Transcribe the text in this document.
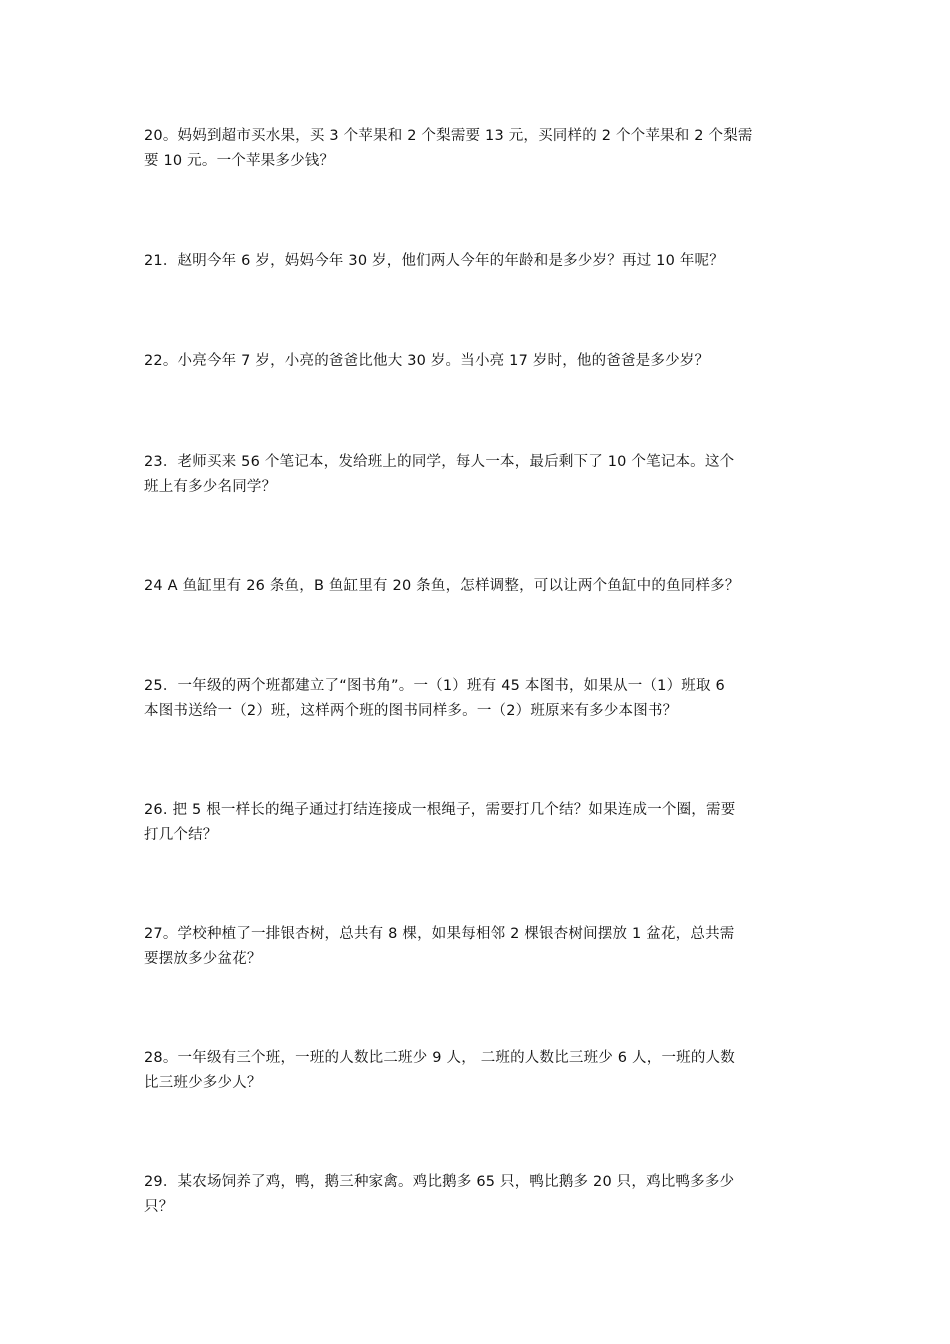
20。妈妈到超市买水果，买 3 个苹果和 2 个梨需要 13 元，买同样的 2 个个苹果和 2 个梨需
要 10 元。一个苹果多少钱？
21．赵明今年 6 岁，妈妈今年 30 岁，他们两人今年的年龄和是多少岁？再过 10 年呢？
22。小亮今年 7 岁，小亮的爸爸比他大 30 岁。当小亮 17 岁时，他的爸爸是多少岁？
23．老师买来 56 个笔记本，发给班上的同学，每人一本，最后剩下了 10 个笔记本。这个
班上有多少名同学？
24 A 鱼缸里有 26 条鱼，B 鱼缸里有 20 条鱼，怎样调整，可以让两个鱼缸中的鱼同样多？
25．一年级的两个班都建立了“图书角”。一（1）班有 45 本图书，如果从一（1）班取 6
本图书送给一（2）班，这样两个班的图书同样多。一（2）班原来有多少本图书？
26. 把 5 根一样长的绳子通过打结连接成一根绳子，需要打几个结？如果连成一个圈，需要
打几个结？
27。学校种植了一排银杏树，总共有 8 棵，如果每相邻 2 棵银杏树间摆放 1 盆花，总共需
要摆放多少盆花？
28。一年级有三个班，一班的人数比二班少 9 人， 二班的人数比三班少 6 人，一班的人数
比三班少多少人？
29．某农场饲养了鸡，鸭，鹅三种家禽。鸡比鹅多 65 只，鸭比鹅多 20 只，鸡比鸭多多少
只？
